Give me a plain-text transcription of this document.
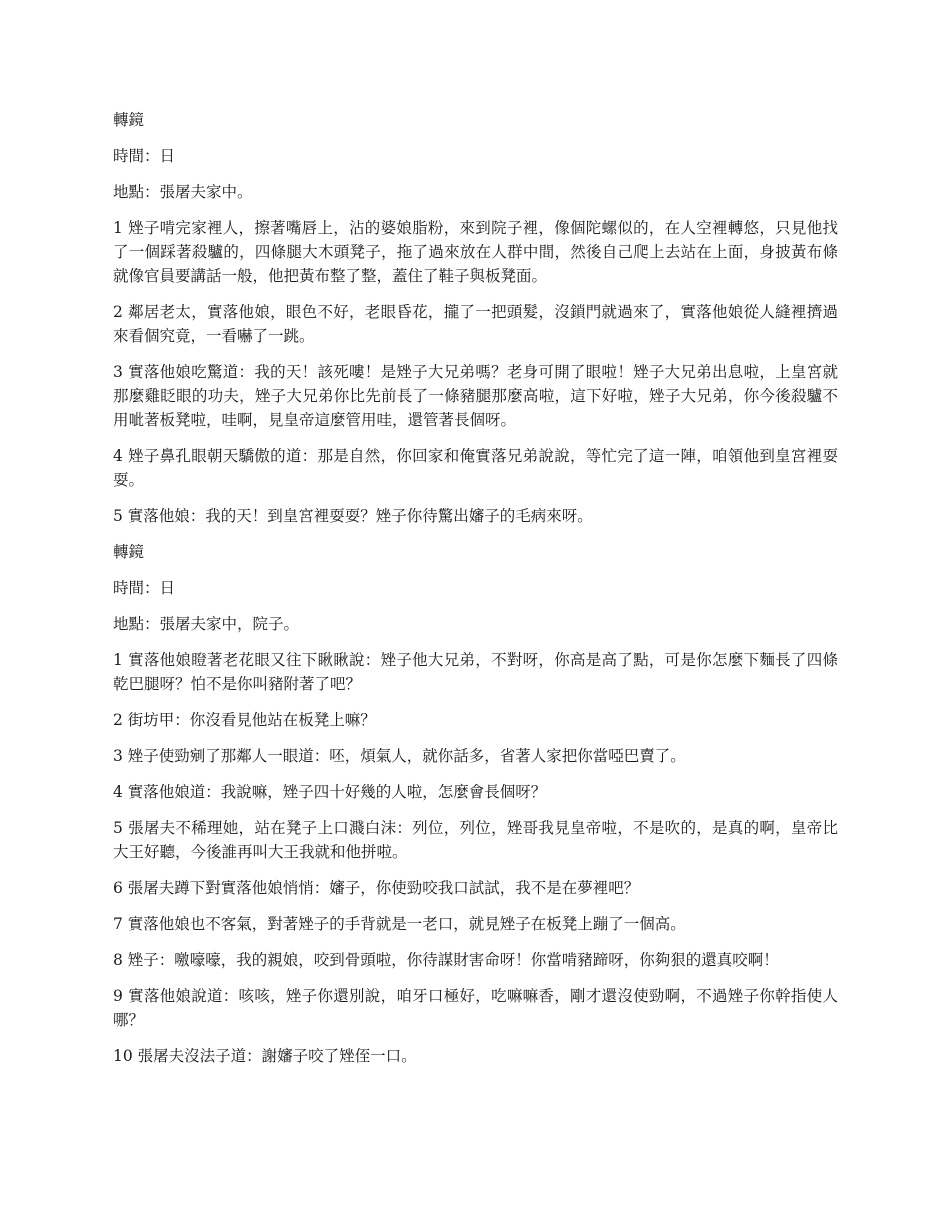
轉鏡

時間：日

地點：張屠夫家中。

1 矬子啃完家裡人，擦著嘴唇上，沾的婆娘脂粉，來到院子裡，像個陀螺似的，在人空裡轉悠，只見他找了一個踩著殺驢的，四條腿大木頭凳子，拖了過來放在人群中間，然後自己爬上去站在上面，身披黃布條就像官員要講話一般，他把黃布整了整，蓋住了鞋子與板凳面。

2 鄰居老太，實落他娘，眼色不好，老眼昏花，攏了一把頭髮，沒鎖門就過來了，實落他娘從人縫裡擠過來看個究竟，一看嚇了一跳。

3 實落他娘吃驚道：我的天！該死嘍！是矬子大兄弟嗎？老身可開了眼啦！矬子大兄弟出息啦，上皇宮就那麼雞眨眼的功夫，矬子大兄弟你比先前長了一條豬腿那麼高啦，這下好啦，矬子大兄弟，你今後殺驢不用呲著板凳啦，哇啊，見皇帝這麼管用哇，還管著長個呀。

4 矬子鼻孔眼朝天驕傲的道：那是自然，你回家和俺實落兄弟說說，等忙完了這一陣，咱領他到皇宮裡耍耍。

5 實落他娘：我的天！到皇宮裡耍耍？矬子你待驚出嬸子的毛病來呀。

轉鏡

時間：日

地點：張屠夫家中，院子。

1 實落他娘瞪著老花眼又往下瞅瞅說：矬子他大兄弟，不對呀，你高是高了點，可是你怎麼下麵長了四條乾巴腿呀？怕不是你叫豬附著了吧？

2 街坊甲：你沒看見他站在板凳上嘛？

3 矬子使勁剜了那鄰人一眼道：呸，煩氣人，就你話多，省著人家把你當啞巴賣了。

4 實落他娘道：我說嘛，矬子四十好幾的人啦，怎麼會長個呀？

5 張屠夫不稀理她，站在凳子上口濺白沫：列位，列位，矬哥我見皇帝啦，不是吹的，是真的啊，皇帝比大王好聽，今後誰再叫大王我就和他拼啦。

6 張屠夫蹲下對實落他娘悄悄：嬸子，你使勁咬我口試試，我不是在夢裡吧？

7 實落他娘也不客氣，對著矬子的手背就是一老口，就見矬子在板凳上蹦了一個高。

8 矬子：噭嚎嚎，我的親娘，咬到骨頭啦，你待謀財害命呀！你當啃豬蹄呀，你夠狠的還真咬啊！

9 實落他娘說道：咳咳，矬子你還別說，咱牙口極好，吃嘛嘛香，剛才還沒使勁啊，不過矬子你幹指使人哪？

10 張屠夫沒法子道：謝嬸子咬了矬侄一口。
